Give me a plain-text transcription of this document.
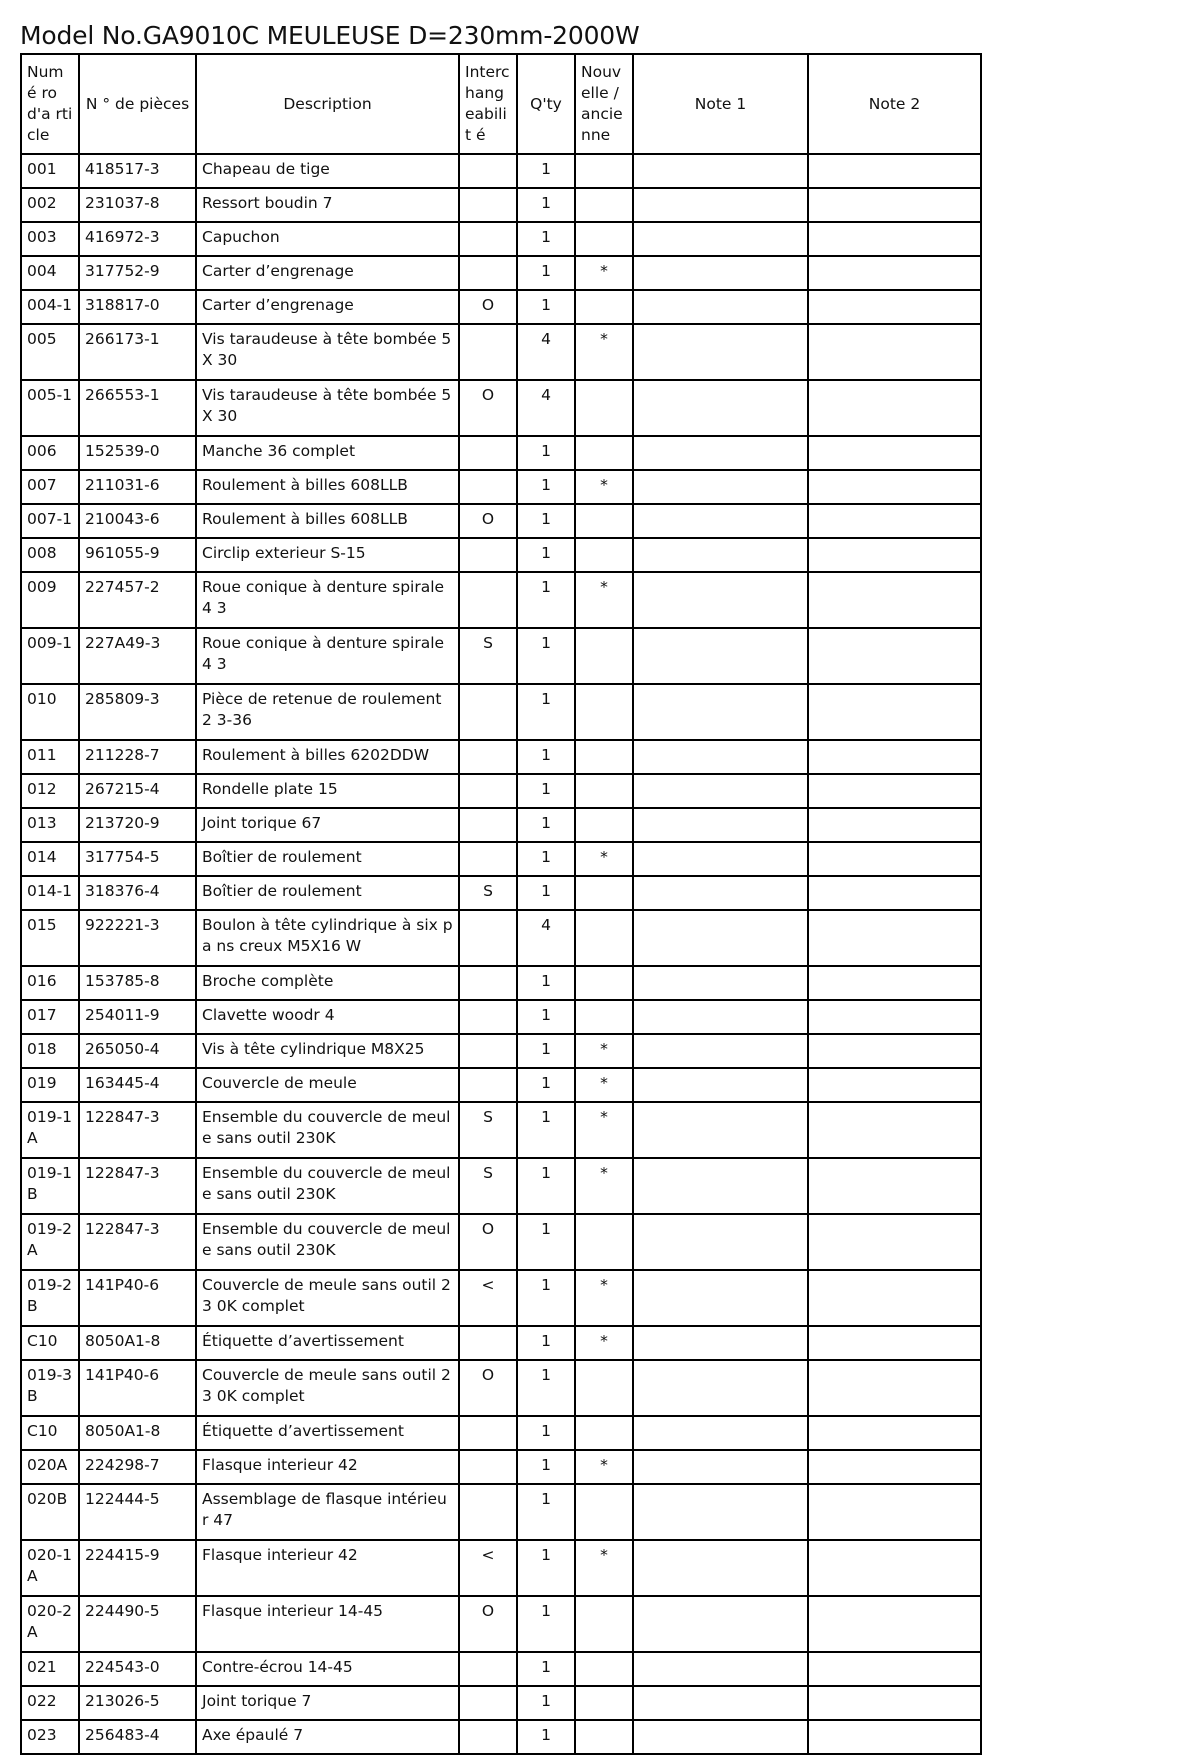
Model No.GA9010C MEULEUSE D=230mm-2000W
Numé ro d'a rticle	N ° de pièces	Description	Interc hang eabilit é	Q'ty	Nouv elle / ancie nne	Note 1	Note 2
001	418517-3	Chapeau de tige		1			
002	231037-8	Ressort boudin 7		1			
003	416972-3	Capuchon		1			
004	317752-9	Carter d’engrenage		1	*		
004-1	318817-0	Carter d’engrenage	O	1			
005	266173-1	Vis taraudeuse à tête bombée 5X 30		4	*		
005-1	266553-1	Vis taraudeuse à tête bombée 5X 30	O	4			
006	152539-0	Manche 36 complet		1			
007	211031-6	Roulement à billes 608LLB		1	*		
007-1	210043-6	Roulement à billes 608LLB	O	1			
008	961055-9	Circlip exterieur S-15		1			
009	227457-2	Roue conique à denture spirale 4 3		1	*		
009-1	227A49-3	Roue conique à denture spirale 4 3	S	1			
010	285809-3	Pièce de retenue de roulement 2 3-36		1			
011	211228-7	Roulement à billes 6202DDW		1			
012	267215-4	Rondelle plate 15		1			
013	213720-9	Joint torique 67		1			
014	317754-5	Boîtier de roulement		1	*		
014-1	318376-4	Boîtier de roulement	S	1			
015	922221-3	Boulon à tête cylindrique à six pa ns creux M5X16 W		4			
016	153785-8	Broche complète		1			
017	254011-9	Clavette woodr 4		1			
018	265050-4	Vis à tête cylindrique M8X25		1	*		
019	163445-4	Couvercle de meule		1	*		
019-1 A	122847-3	Ensemble du couvercle de meule sans outil 230K	S	1	*		
019-1 B	122847-3	Ensemble du couvercle de meule sans outil 230K	S	1	*		
019-2 A	122847-3	Ensemble du couvercle de meule sans outil 230K	O	1			
019-2 B	141P40-6	Couvercle de meule sans outil 23 0K complet	<	1	*		
C10	8050A1-8	Étiquette d’avertissement		1	*		
019-3 B	141P40-6	Couvercle de meule sans outil 23 0K complet	O	1			
C10	8050A1-8	Étiquette d’avertissement		1			
020A	224298-7	Flasque interieur 42		1	*		
020B	122444-5	Assemblage de flasque intérieur 47		1			
020-1 A	224415-9	Flasque interieur 42	<	1	*		
020-2 A	224490-5	Flasque interieur 14-45	O	1			
021	224543-0	Contre-écrou 14-45		1			
022	213026-5	Joint torique 7		1			
023	256483-4	Axe épaulé 7		1			
